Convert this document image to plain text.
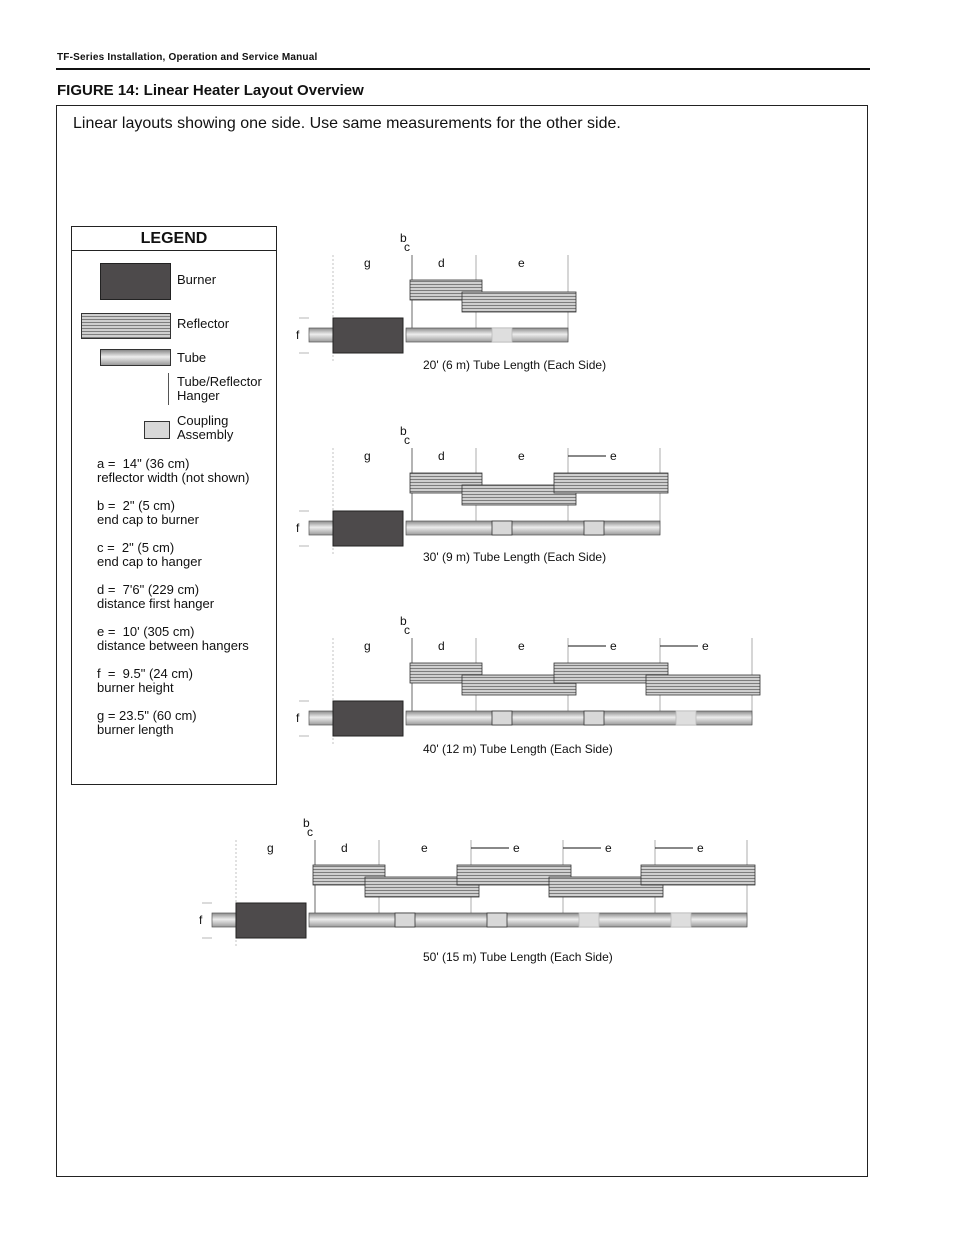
TF-Series Installation, Operation and Service Manual
FIGURE 14: Linear Heater Layout Overview
Linear layouts showing one side. Use same measurements for the other side.
LEGEND
Burner
Reflector
Tube
Tube/Reflector
Hanger
Coupling
Assembly
a =  14" (36 cm)
reflector width (not shown)
b =  2" (5 cm)
end cap to burner
c =  2" (5 cm)
end cap to hanger
d =  7'6" (229 cm)
distance first hanger
e =  10' (305 cm)
distance between hangers
f  =  9.5" (24 cm)
burner height
g = 23.5" (60 cm)
burner length
b
c
g	d	e
f
b
c
g	d	e	e
f
b
c
g	d	e	e	e
f
b
c
g	d	e	e	e	e
f
20' (6 m) Tube Length (Each Side)
30' (9 m) Tube Length (Each Side)
40' (12 m) Tube Length (Each Side)
50' (15 m) Tube Length (Each Side)
